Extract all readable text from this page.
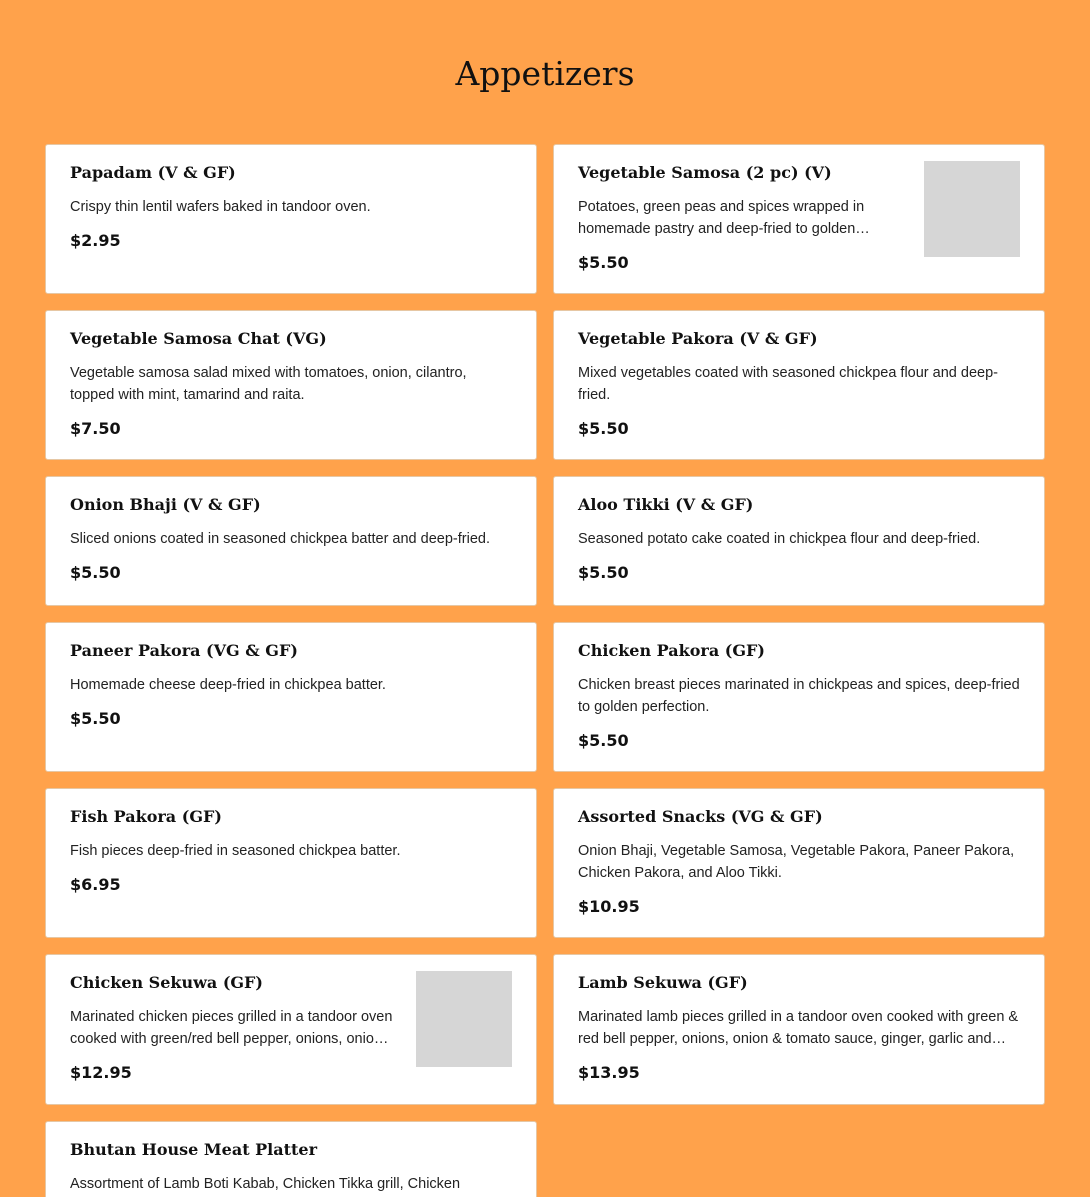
Appetizers
Papadam (V & GF)
Crispy thin lentil wafers baked in tandoor oven.
$2.95
Vegetable Samosa (2 pc) (V)
Potatoes, green peas and spices wrapped in homemade pastry and deep-fried to golden
$5.50
Vegetable Samosa Chat (VG)
Vegetable samosa salad mixed with tomatoes, onion, cilantro, topped with mint, tamarind and raita.
$7.50
Vegetable Pakora (V & GF)
Mixed vegetables coated with seasoned chickpea flour and deep-fried.
$5.50
Onion Bhaji (V & GF)
Sliced onions coated in seasoned chickpea batter and deep-fried.
$5.50
Aloo Tikki (V & GF)
Seasoned potato cake coated in chickpea flour and deep-fried.
$5.50
Paneer Pakora (VG & GF)
Homemade cheese deep-fried in chickpea batter.
$5.50
Chicken Pakora (GF)
Chicken breast pieces marinated in chickpeas and spices, deep-fried to golden perfection.
$5.50
Fish Pakora (GF)
Fish pieces deep-fried in seasoned chickpea batter.
$6.95
Assorted Snacks (VG & GF)
Onion Bhaji, Vegetable Samosa, Vegetable Pakora, Paneer Pakora, Chicken Pakora, and Aloo Tikki.
$10.95
Chicken Sekuwa (GF)
Marinated chicken pieces grilled in a tandoor oven cooked with green/red bell pepper, onions, onion &
$12.95
Lamb Sekuwa (GF)
Marinated lamb pieces grilled in a tandoor oven cooked with green & red bell pepper, onions, onion & tomato sauce, ginger, garlic and
$13.95
Bhutan House Meat Platter
Assortment of Lamb Boti Kabab, Chicken Tikka grill, Chicken
